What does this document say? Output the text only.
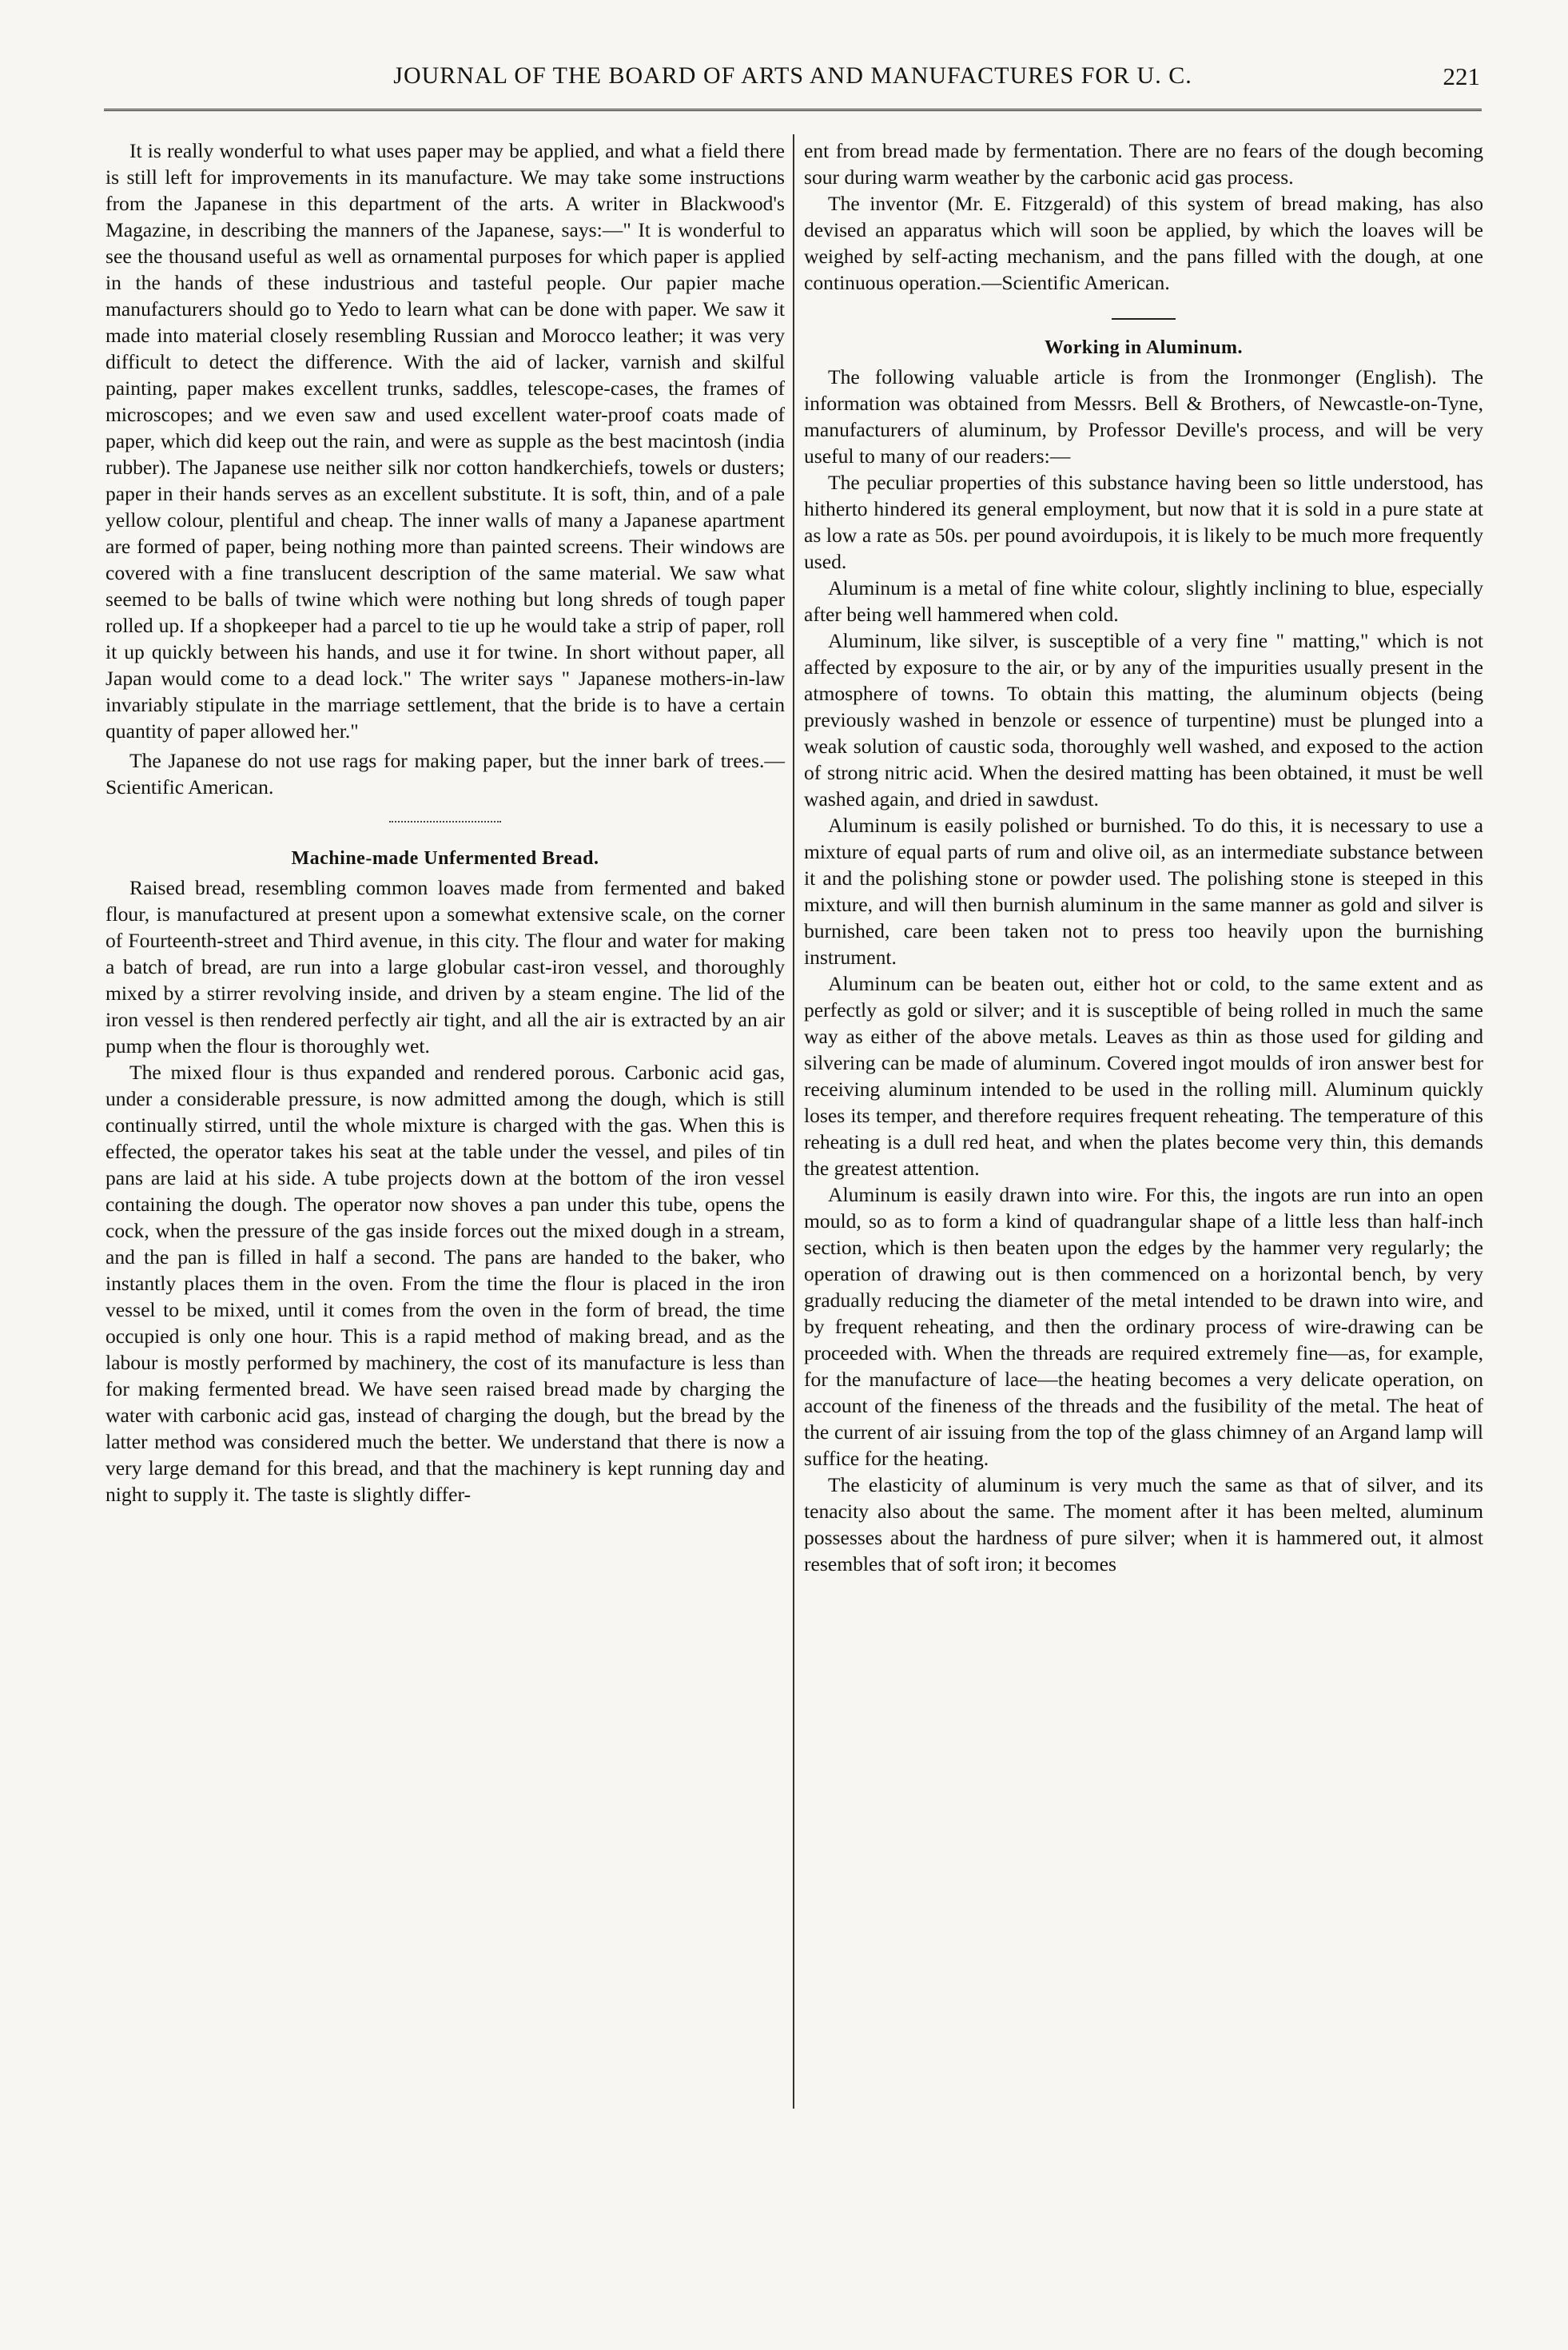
JOURNAL OF THE BOARD OF ARTS AND MANUFACTURES FOR U. C.	221

It is really wonderful to what uses paper may be applied, and what a field there is still left for improvements in its manufacture. We may take some instructions from the Japanese in this department of the arts. A writer in Blackwood's Magazine, in describing the manners of the Japanese, says:—" It is wonderful to see the thousand useful as well as ornamental purposes for which paper is applied in the hands of these industrious and tasteful people. Our papier mache manufacturers should go to Yedo to learn what can be done with paper. We saw it made into material closely resembling Russian and Morocco leather; it was very difficult to detect the difference. With the aid of lacker, varnish and skilful painting, paper makes excellent trunks, saddles, telescope-cases, the frames of microscopes; and we even saw and used excellent water-proof coats made of paper, which did keep out the rain, and were as supple as the best macintosh (india rubber). The Japanese use neither silk nor cotton handkerchiefs, towels or dusters; paper in their hands serves as an excellent substitute. It is soft, thin, and of a pale yellow colour, plentiful and cheap. The inner walls of many a Japanese apartment are formed of paper, being nothing more than painted screens. Their windows are covered with a fine translucent description of the same material. We saw what seemed to be balls of twine which were nothing but long shreds of tough paper rolled up. If a shopkeeper had a parcel to tie up he would take a strip of paper, roll it up quickly between his hands, and use it for twine. In short without paper, all Japan would come to a dead lock." The writer says " Japanese mothers-in-law invariably stipulate in the marriage settlement, that the bride is to have a certain quantity of paper allowed her."

The Japanese do not use rags for making paper, but the inner bark of trees.—Scientific American.

Machine-made Unfermented Bread.

Raised bread, resembling common loaves made from fermented and baked flour, is manufactured at present upon a somewhat extensive scale, on the corner of Fourteenth-street and Third avenue, in this city. The flour and water for making a batch of bread, are run into a large globular cast-iron vessel, and thoroughly mixed by a stirrer revolving inside, and driven by a steam engine. The lid of the iron vessel is then rendered perfectly air tight, and all the air is extracted by an air pump when the flour is thoroughly wet.

The mixed flour is thus expanded and rendered porous. Carbonic acid gas, under a considerable pressure, is now admitted among the dough, which is still continually stirred, until the whole mixture is charged with the gas. When this is effected, the operator takes his seat at the table under the vessel, and piles of tin pans are laid at his side. A tube projects down at the bottom of the iron vessel containing the dough. The operator now shoves a pan under this tube, opens the cock, when the pressure of the gas inside forces out the mixed dough in a stream, and the pan is filled in half a second. The pans are handed to the baker, who instantly places them in the oven. From the time the flour is placed in the iron vessel to be mixed, until it comes from the oven in the form of bread, the time occupied is only one hour. This is a rapid method of making bread, and as the labour is mostly performed by machinery, the cost of its manufacture is less than for making fermented bread. We have seen raised bread made by charging the water with carbonic acid gas, instead of charging the dough, but the bread by the latter method was considered much the better. We understand that there is now a very large demand for this bread, and that the machinery is kept running day and night to supply it. The taste is slightly differ-

ent from bread made by fermentation. There are no fears of the dough becoming sour during warm weather by the carbonic acid gas process.

The inventor (Mr. E. Fitzgerald) of this system of bread making, has also devised an apparatus which will soon be applied, by which the loaves will be weighed by self-acting mechanism, and the pans filled with the dough, at one continuous operation.—Scientific American.

Working in Aluminum.

The following valuable article is from the Ironmonger (English). The information was obtained from Messrs. Bell & Brothers, of Newcastle-on-Tyne, manufacturers of aluminum, by Professor Deville's process, and will be very useful to many of our readers:—

The peculiar properties of this substance having been so little understood, has hitherto hindered its general employment, but now that it is sold in a pure state at as low a rate as 50s. per pound avoirdupois, it is likely to be much more frequently used.

Aluminum is a metal of fine white colour, slightly inclining to blue, especially after being well hammered when cold.

Aluminum, like silver, is susceptible of a very fine " matting," which is not affected by exposure to the air, or by any of the impurities usually present in the atmosphere of towns. To obtain this matting, the aluminum objects (being previously washed in benzole or essence of turpentine) must be plunged into a weak solution of caustic soda, thoroughly well washed, and exposed to the action of strong nitric acid. When the desired matting has been obtained, it must be well washed again, and dried in sawdust.

Aluminum is easily polished or burnished. To do this, it is necessary to use a mixture of equal parts of rum and olive oil, as an intermediate substance between it and the polishing stone or powder used. The polishing stone is steeped in this mixture, and will then burnish aluminum in the same manner as gold and silver is burnished, care been taken not to press too heavily upon the burnishing instrument.

Aluminum can be beaten out, either hot or cold, to the same extent and as perfectly as gold or silver; and it is susceptible of being rolled in much the same way as either of the above metals. Leaves as thin as those used for gilding and silvering can be made of aluminum. Covered ingot moulds of iron answer best for receiving aluminum intended to be used in the rolling mill. Aluminum quickly loses its temper, and therefore requires frequent reheating. The temperature of this reheating is a dull red heat, and when the plates become very thin, this demands the greatest attention.

Aluminum is easily drawn into wire. For this, the ingots are run into an open mould, so as to form a kind of quadrangular shape of a little less than half-inch section, which is then beaten upon the edges by the hammer very regularly; the operation of drawing out is then commenced on a horizontal bench, by very gradually reducing the diameter of the metal intended to be drawn into wire, and by frequent reheating, and then the ordinary process of wire-drawing can be proceeded with. When the threads are required extremely fine—as, for example, for the manufacture of lace—the heating becomes a very delicate operation, on account of the fineness of the threads and the fusibility of the metal. The heat of the current of air issuing from the top of the glass chimney of an Argand lamp will suffice for the heating.

The elasticity of aluminum is very much the same as that of silver, and its tenacity also about the same. The moment after it has been melted, aluminum possesses about the hardness of pure silver; when it is hammered out, it almost resembles that of soft iron; it becomes
